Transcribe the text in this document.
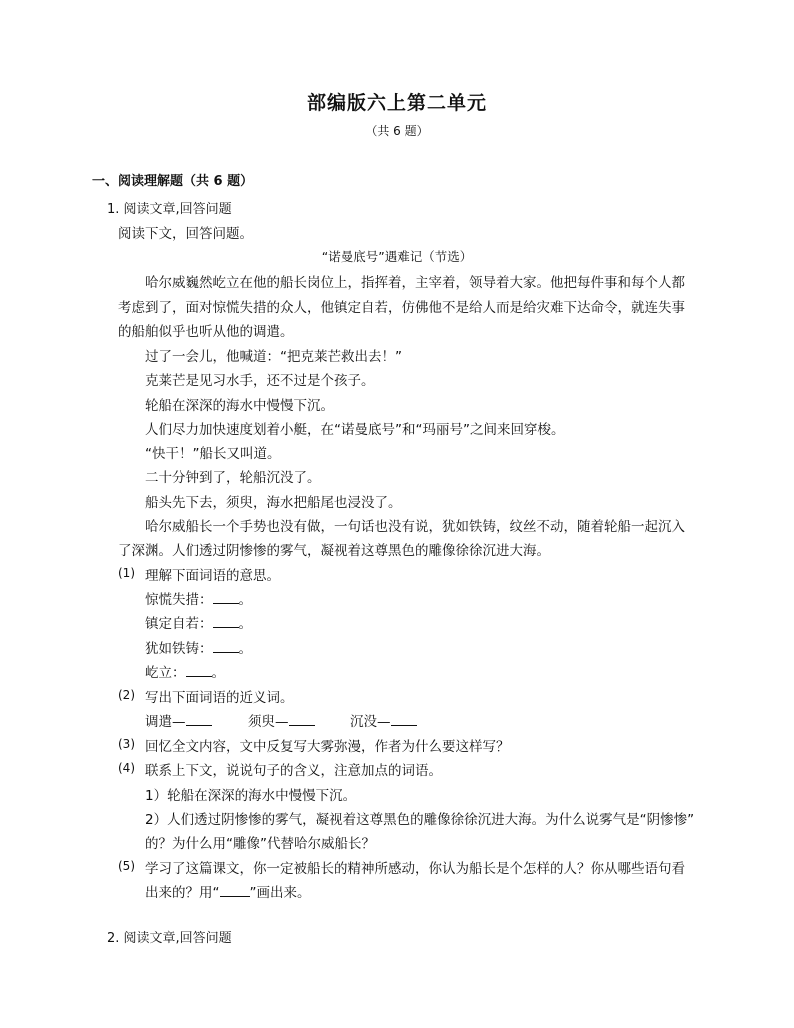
部编版六上第二单元
（共 6 题）
一、阅读理解题（共 6 题）
1. 阅读文章,回答问题
阅读下文，回答问题。
“诺曼底号”遇难记（节选）
哈尔威巍然屹立在他的船长岗位上，指挥着，主宰着，领导着大家。他把每件事和每个人都
考虑到了，面对惊慌失措的众人，他镇定自若，仿佛他不是给人而是给灾难下达命令，就连失事
的船舶似乎也听从他的调遣。
过了一会儿，他喊道：“把克莱芒救出去！”
克莱芒是见习水手，还不过是个孩子。
轮船在深深的海水中慢慢下沉。
人们尽力加快速度划着小艇，在“诺曼底号”和“玛丽号”之间来回穿梭。
“快干！”船长又叫道。
二十分钟到了，轮船沉没了。
船头先下去，须臾，海水把船尾也浸没了。
哈尔威船长一个手势也没有做，一句话也没有说，犹如铁铸，纹丝不动，随着轮船一起沉入
了深渊。人们透过阴惨惨的雾气，凝视着这尊黑色的雕像徐徐沉进大海。
(1) 理解下面词语的意思。
惊慌失措： 。
镇定自若： 。
犹如铁铸： 。
屹立： 。
(2) 写出下面词语的近义词。
调遣—	须臾—	沉没—
(3) 回忆全文内容，文中反复写大雾弥漫，作者为什么要这样写？
(4) 联系上下文，说说句子的含义，注意加点的词语。
1）轮船在深深的海水中慢慢下沉。
2）人们透过阴惨惨的雾气，凝视着这尊黑色的雕像徐徐沉进大海。为什么说雾气是“阴惨惨”
的？为什么用“雕像”代替哈尔威船长？
(5) 学习了这篇课文，你一定被船长的精神所感动，你认为船长是个怎样的人？你从哪些语句看
出来的？用“ ”画出来。
2. 阅读文章,回答问题
